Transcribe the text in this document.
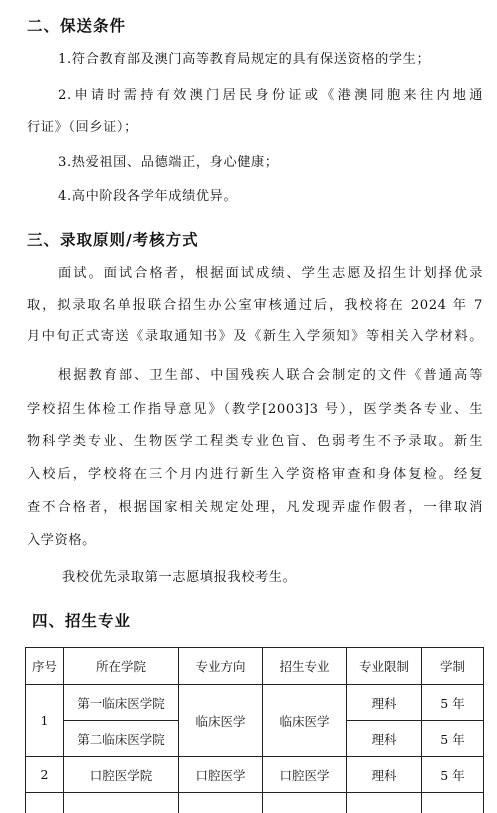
二、保送条件
1.符合教育部及澳门高等教育局规定的具有保送资格的学生；
2.申请时需持有效澳门居民身份证或《港澳同胞来往内地通
行证》（回乡证）；
3.热爱祖国、品德端正，身心健康；
4.高中阶段各学年成绩优异。
三、录取原则/考核方式
面试。面试合格者，根据面试成绩、学生志愿及招生计划择优录
取，拟录取名单报联合招生办公室审核通过后，我校将在 2024 年 7
月中旬正式寄送《录取通知书》及《新生入学须知》等相关入学材料。
根据教育部、卫生部、中国残疾人联合会制定的文件《普通高等
学校招生体检工作指导意见》（教学[2003]3 号），医学类各专业、生
物科学类专业、生物医学工程类专业色盲、色弱考生不予录取。新生
入校后，学校将在三个月内进行新生入学资格审查和身体复检。经复
查不合格者，根据国家相关规定处理，凡发现弄虚作假者，一律取消
入学资格。
我校优先录取第一志愿填报我校考生。
四、招生专业
序号	所在学院	专业方向	招生专业	专业限制	学制
1	第一临床医学院	临床医学	临床医学	理科	5 年
	第二临床医学院			理科	5 年
2	口腔医学院	口腔医学	口腔医学	理科	5 年
